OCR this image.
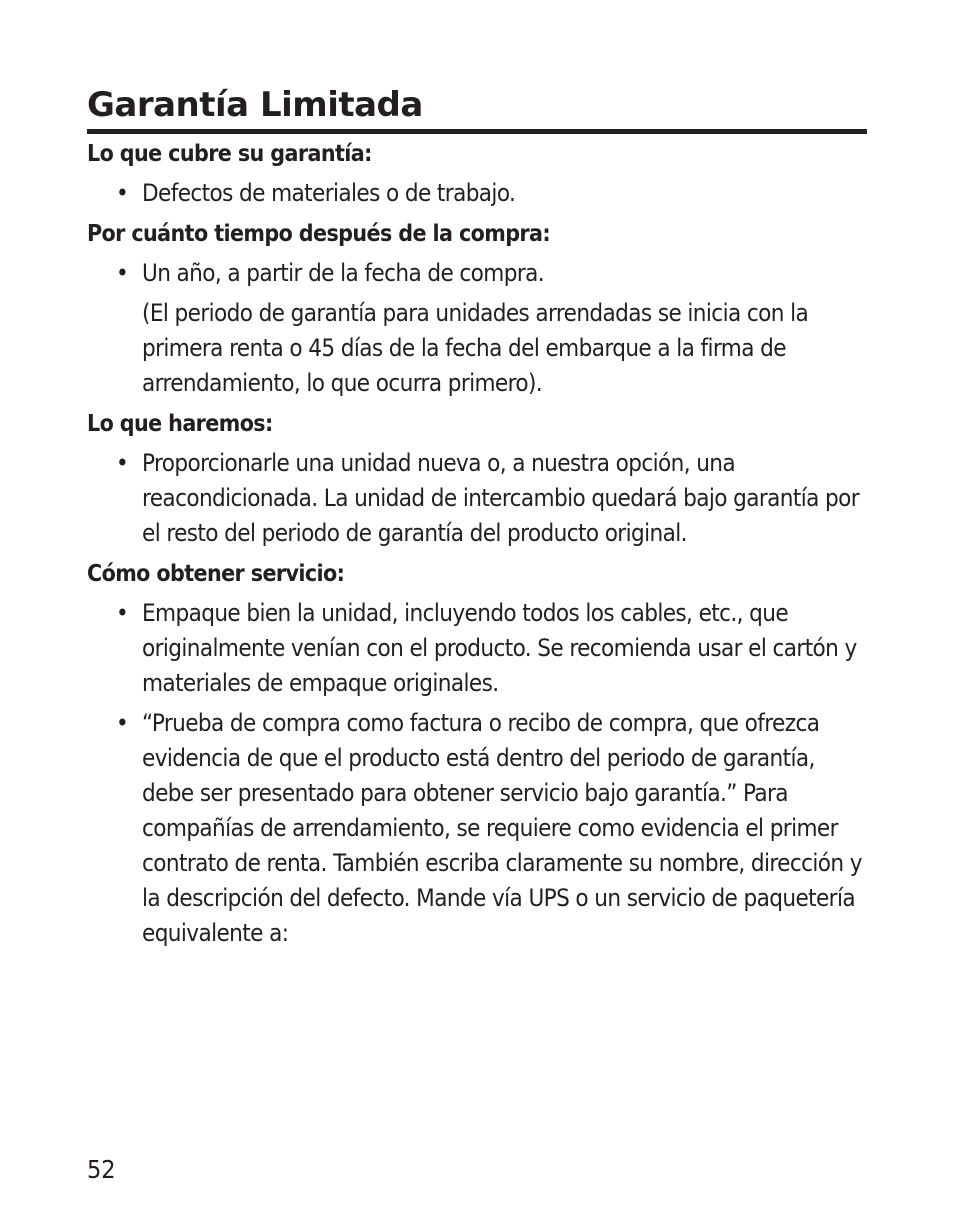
Garantía Limitada
Lo que cubre su garantía:
• Defectos de materiales o de trabajo.
Por cuánto tiempo después de la compra:
• Un año, a partir de la fecha de compra.
(El periodo de garantía para unidades arrendadas se inicia con la primera renta o 45 días de la fecha del embarque a la firma de arrendamiento, lo que ocurra primero).
Lo que haremos:
• Proporcionarle una unidad nueva o, a nuestra opción, una reacondicionada. La unidad de intercambio quedará bajo garantía por el resto del periodo de garantía del producto original.
Cómo obtener servicio:
• Empaque bien la unidad, incluyendo todos los cables, etc., que originalmente venían con el producto. Se recomienda usar el cartón y materiales de empaque originales.
• “Prueba de compra como factura o recibo de compra, que ofrezca evidencia de que el producto está dentro del periodo de garantía, debe ser presentado para obtener servicio bajo garantía.” Para compañías de arrendamiento, se requiere como evidencia el primer contrato de renta. También escriba claramente su nombre, dirección y la descripción del defecto. Mande vía UPS o un servicio de paquetería equivalente a:
52
